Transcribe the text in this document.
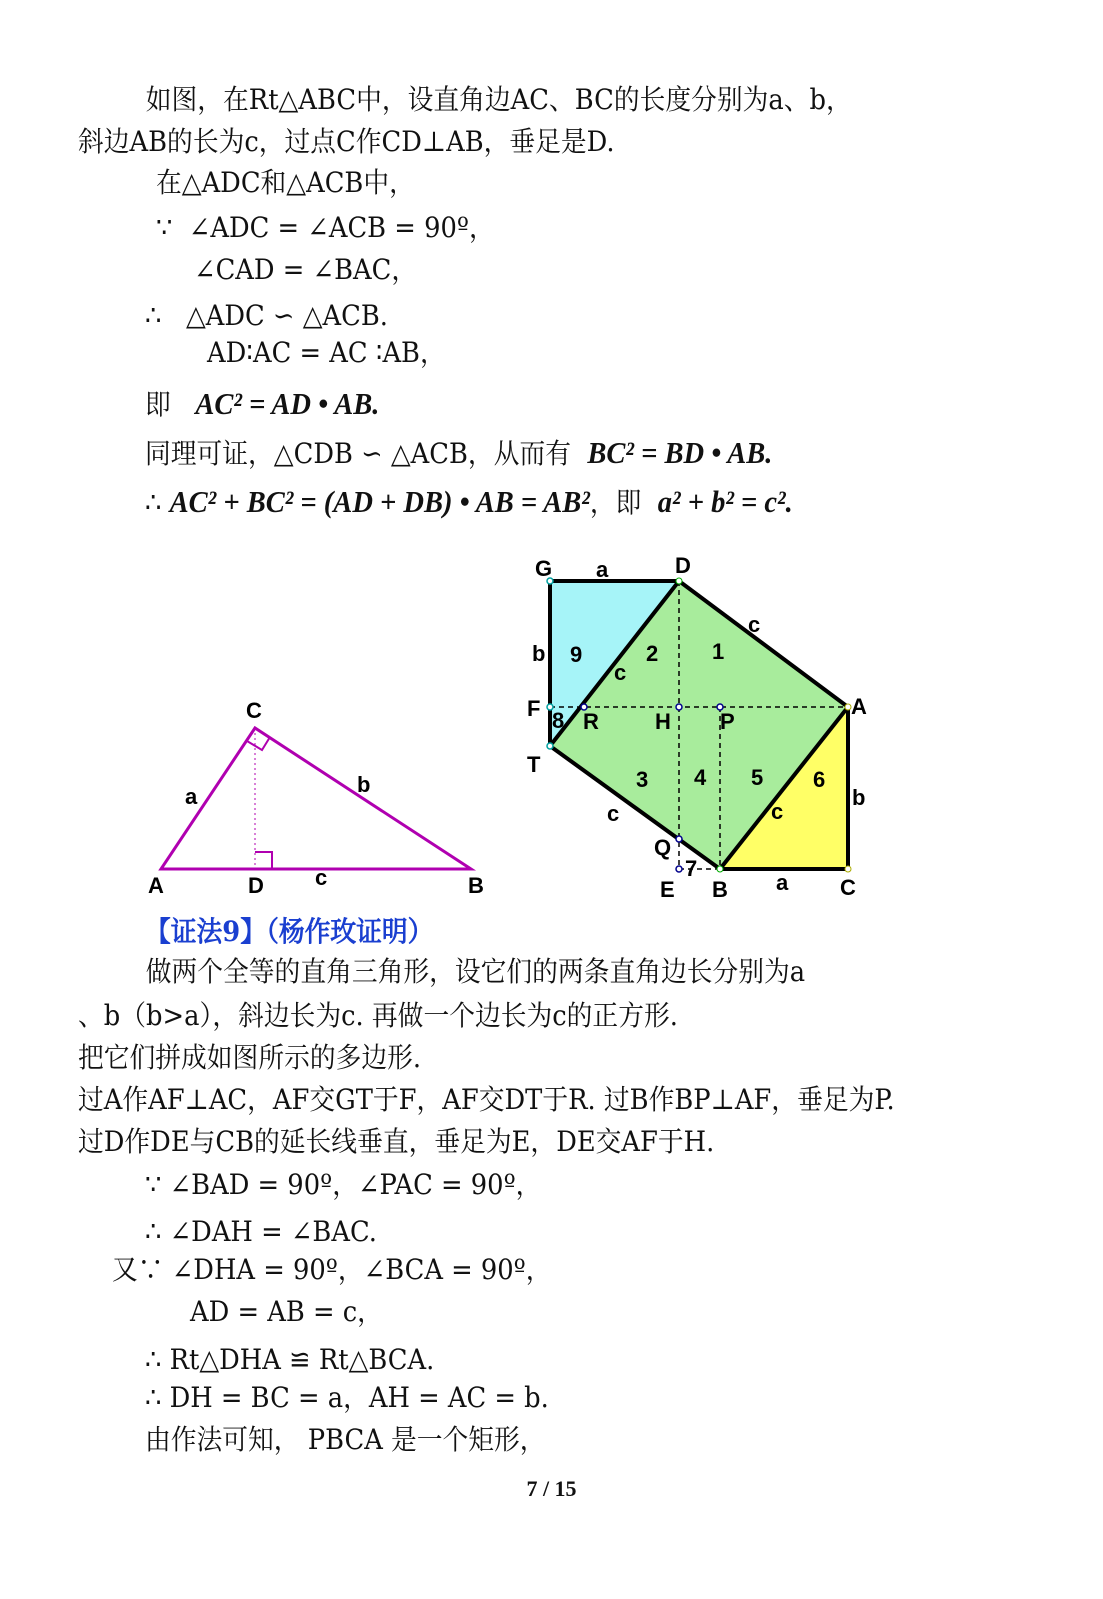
　如图，在Rt△ABC中，设直角边AC、BC的长度分别为a、b，
斜边AB的长为c，过点C作CD⊥AB，垂足是D.
在△ADC和△ACB中，
∵  ∠ADC = ∠ACB = 90º，
∠CAD = ∠BAC，
∴   △ADC ∽ △ACB.
AD∶AC = AC ∶AB，
即 AC² = AD • AB.
同理可证，△CDB ∽ △ACB，从而有 BC² = BD • AB.
∴ AC² + BC² = (AD + DB) • AB = AB²，即 a² + b² = c².
A	D	B
C
a	b
c
G	D
A
C
B
E
Q
T
F
R	H P
a
a
b
b
c
c
c	c
1
2
3 4 5 6
7
8
9
【证法9】（杨作玫证明）
　做两个全等的直角三角形，设它们的两条直角边长分别为a
、b（b>a），斜边长为c. 再做一个边长为c的正方形.
把它们拼成如图所示的多边形.
过A作AF⊥AC，AF交GT于F，AF交DT于R. 过B作BP⊥AF，垂足为P.
过D作DE与CB的延长线垂直，垂足为E，DE交AF于H.
∵ ∠BAD = 90º，∠PAC = 90º，
∴ ∠DAH = ∠BAC.
又∵ ∠DHA = 90º，∠BCA = 90º，
AD = AB = c，
∴ Rt△DHA ≌ Rt△BCA.
∴ DH = BC = a，AH = AC = b.
由作法可知， PBCA 是一个矩形，
7 / 15
